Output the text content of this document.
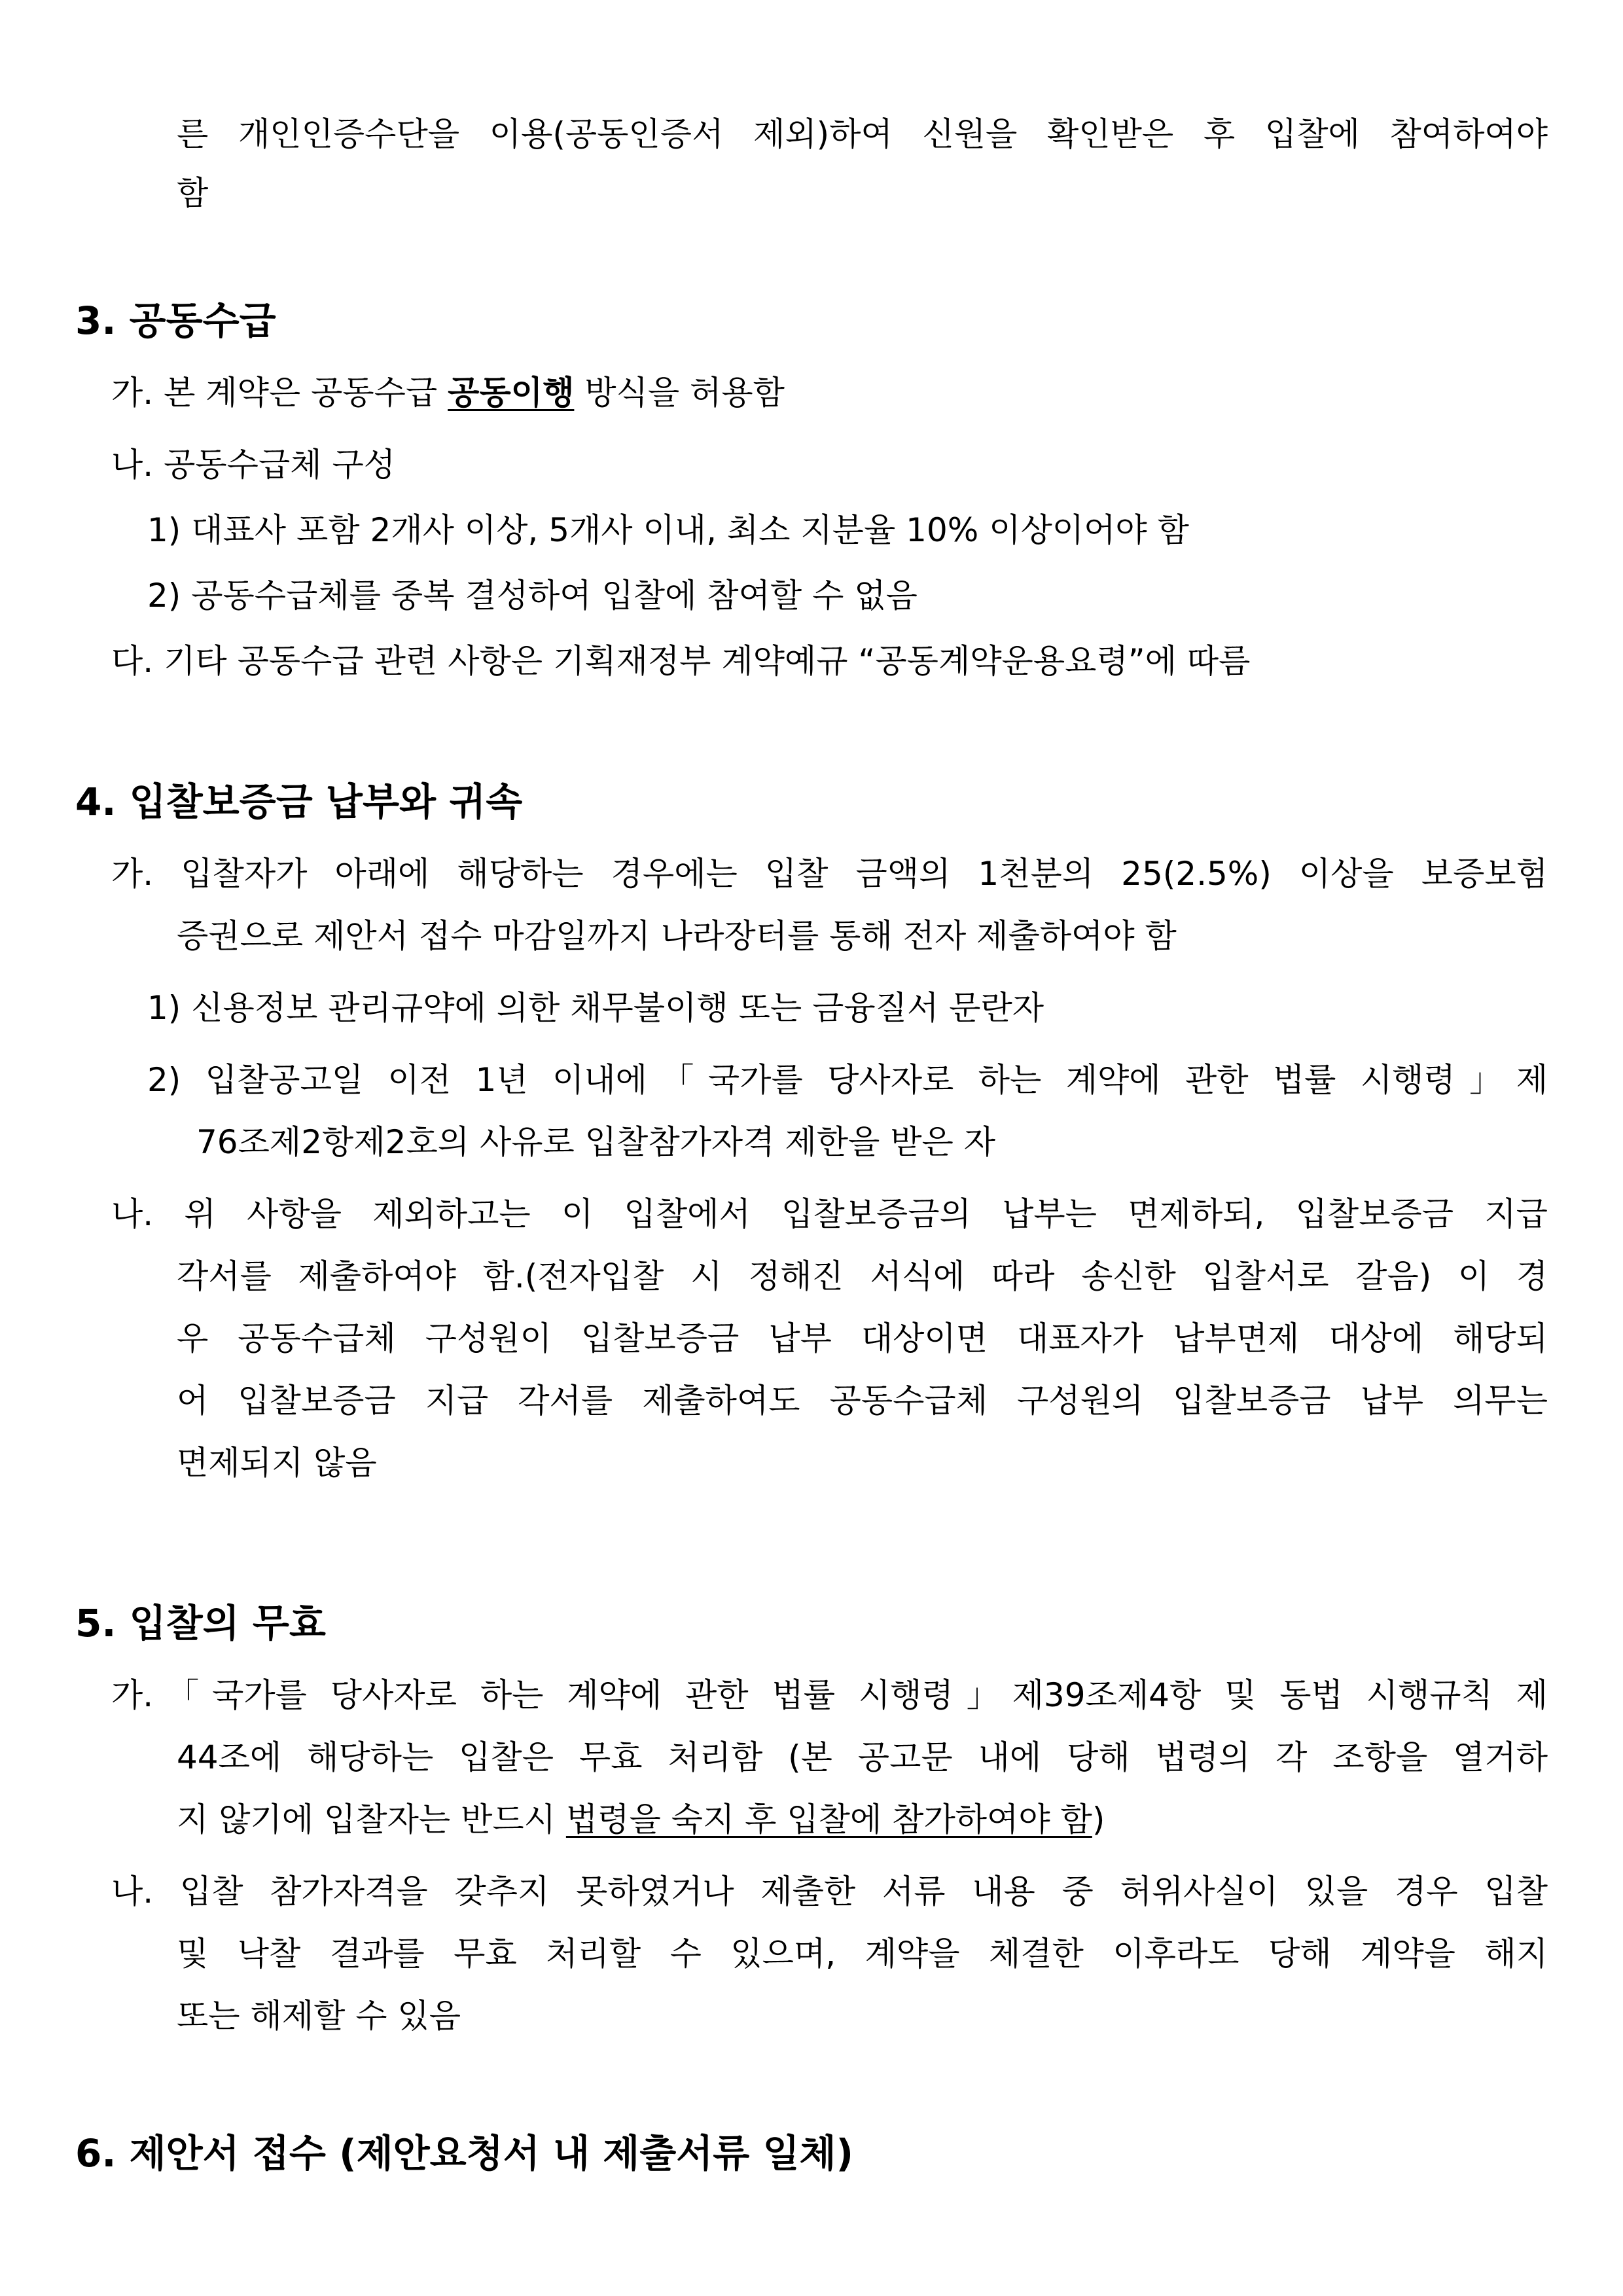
른 개인인증수단을 이용(공동인증서 제외)하여 신원을 확인받은 후 입찰에 참여하여야

함

3. 공동수급

가. 본 계약은 공동수급 공동이행 방식을 허용함

나. 공동수급체 구성

1) 대표사 포함 2개사 이상, 5개사 이내, 최소 지분율 10% 이상이어야 함

2) 공동수급체를 중복 결성하여 입찰에 참여할 수 없음

다. 기타 공동수급 관련 사항은 기획재정부 계약예규 “공동계약운용요령”에 따름

4. 입찰보증금 납부와 귀속

가. 입찰자가 아래에 해당하는 경우에는 입찰 금액의 1천분의 25(2.5%) 이상을 보증보험

증권으로 제안서 접수 마감일까지 나라장터를 통해 전자 제출하여야 함

1) 신용정보 관리규약에 의한 채무불이행 또는 금융질서 문란자

2) 입찰공고일 이전 1년 이내에「국가를 당사자로 하는 계약에 관한 법률 시행령」제

76조제2항제2호의 사유로 입찰참가자격 제한을 받은 자

나. 위 사항을 제외하고는 이 입찰에서 입찰보증금의 납부는 면제하되, 입찰보증금 지급

각서를 제출하여야 함.(전자입찰 시 정해진 서식에 따라 송신한 입찰서로 갈음) 이 경

우 공동수급체 구성원이 입찰보증금 납부 대상이면 대표자가 납부면제 대상에 해당되

어 입찰보증금 지급 각서를 제출하여도 공동수급체 구성원의 입찰보증금 납부 의무는

면제되지 않음

5. 입찰의 무효

가.「국가를 당사자로 하는 계약에 관한 법률 시행령」제39조제4항 및 동법 시행규칙 제

44조에 해당하는 입찰은 무효 처리함 (본 공고문 내에 당해 법령의 각 조항을 열거하

지 않기에 입찰자는 반드시 법령을 숙지 후 입찰에 참가하여야 함)

나. 입찰 참가자격을 갖추지 못하였거나 제출한 서류 내용 중 허위사실이 있을 경우 입찰

및 낙찰 결과를 무효 처리할 수 있으며, 계약을 체결한 이후라도 당해 계약을 해지

또는 해제할 수 있음

6. 제안서 접수 (제안요청서 내 제출서류 일체)
